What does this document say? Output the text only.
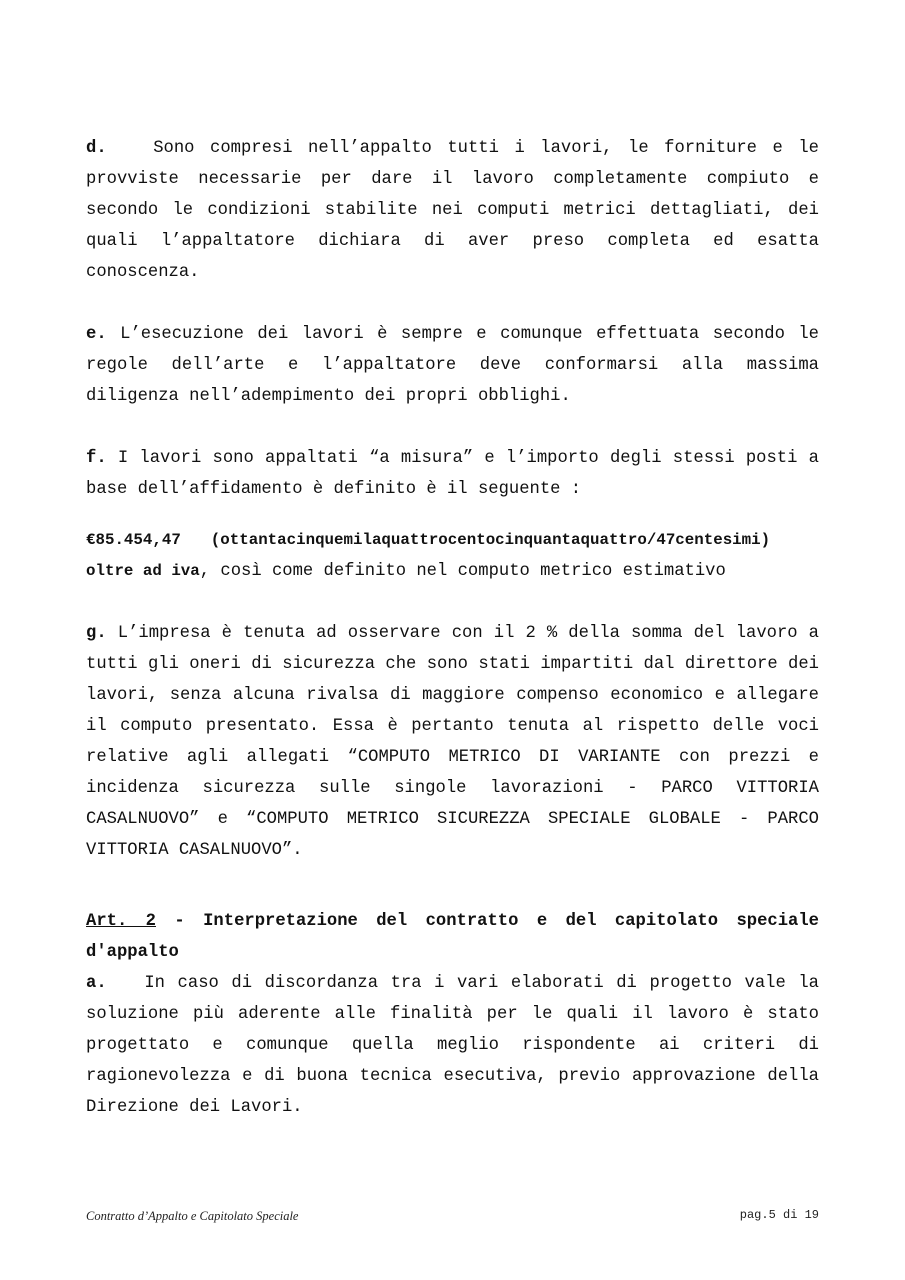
d.	Sono compresi nell’appalto tutti i lavori, le forniture e le provviste necessarie per dare il lavoro completamente compiuto e secondo le condizioni stabilite nei computi metrici dettagliati, dei quali l’appaltatore dichiara di aver preso completa ed esatta conoscenza.

e. L’esecuzione dei lavori è sempre e comunque effettuata secondo le regole dell’arte e l’appaltatore deve conformarsi alla massima diligenza nell’adempimento dei propri obblighi.

f. I lavori sono appaltati “a misura” e l’importo degli stessi posti a base dell’affidamento è definito è il seguente :

€85.454,47 (ottantacinquemilaquattrocentocinquantaquattro/47centesimi)

oltre ad iva, così come definito nel computo metrico estimativo

g. L’impresa è tenuta ad osservare con il 2 % della somma del lavoro a tutti gli oneri di sicurezza che sono stati impartiti dal direttore dei lavori, senza alcuna rivalsa di maggiore compenso economico e allegare il computo presentato. Essa è pertanto tenuta al rispetto delle voci relative agli allegati “COMPUTO METRICO DI VARIANTE con prezzi e incidenza sicurezza sulle singole lavorazioni - PARCO VITTORIA CASALNUOVO” e “COMPUTO METRICO SICUREZZA SPECIALE GLOBALE - PARCO VITTORIA CASALNUOVO”.

Art. 2 - Interpretazione del contratto e del capitolato speciale d'appalto

a. In caso di discordanza tra i vari elaborati di progetto vale la soluzione più aderente alle finalità per le quali il lavoro è stato progettato e comunque quella meglio rispondente ai criteri di ragionevolezza e di buona tecnica esecutiva, previo approvazione della Direzione dei Lavori.

Contratto d’Appalto e Capitolato Speciale	pag.5 di 19
